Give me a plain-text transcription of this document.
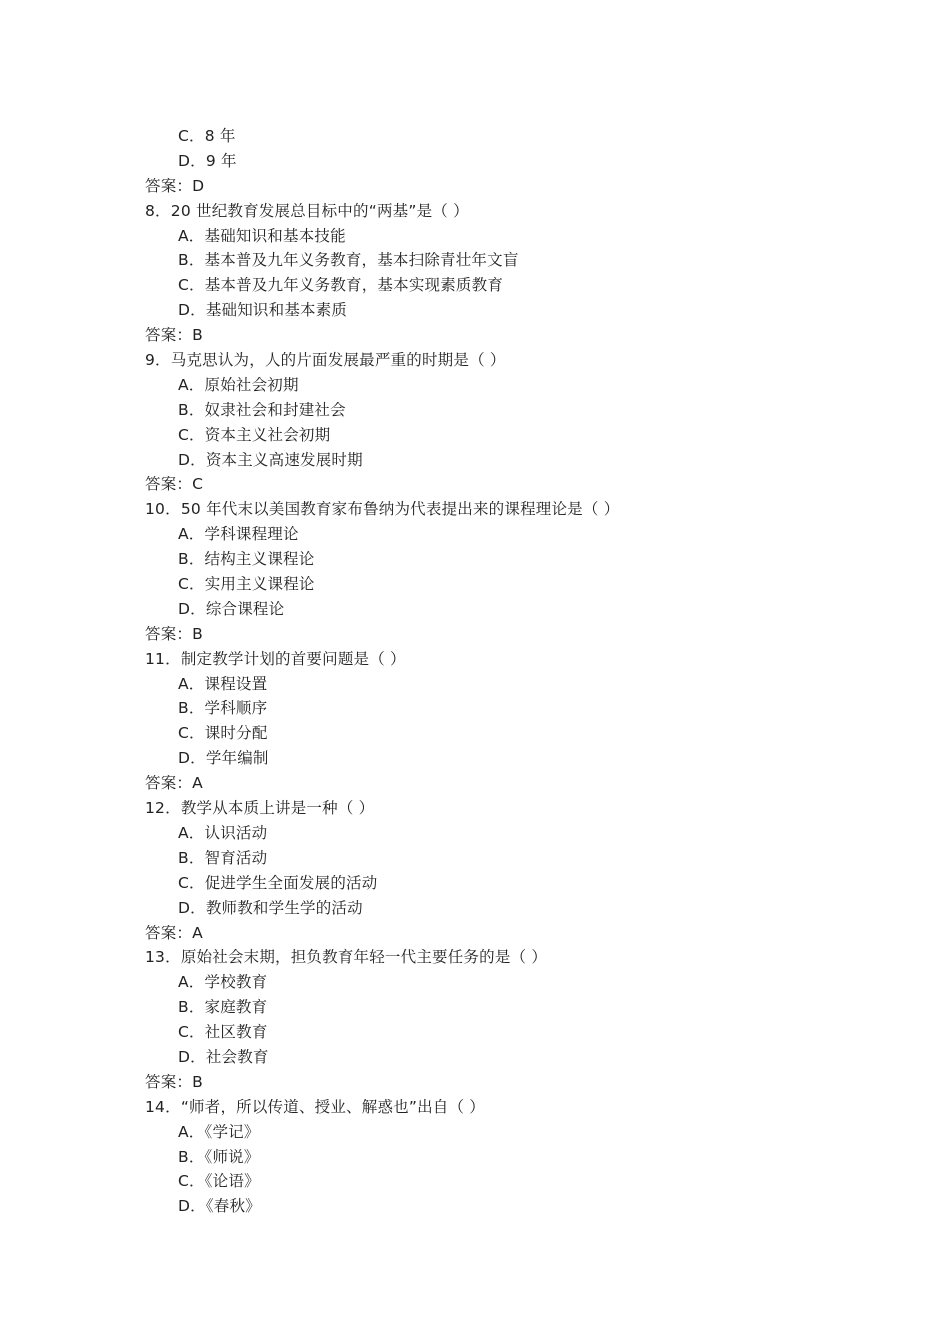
C．8 年
D．9 年
答案：D
8．20 世纪教育发展总目标中的“两基”是（ ）
A．基础知识和基本技能
B．基本普及九年义务教育，基本扫除青壮年文盲
C．基本普及九年义务教育，基本实现素质教育
D．基础知识和基本素质
答案：B
9．马克思认为，人的片面发展最严重的时期是（ ）
A．原始社会初期
B．奴隶社会和封建社会
C．资本主义社会初期
D．资本主义高速发展时期
答案：C
10．50 年代末以美国教育家布鲁纳为代表提出来的课程理论是（ ）
A．学科课程理论
B．结构主义课程论
C．实用主义课程论
D．综合课程论
答案：B
11．制定教学计划的首要问题是（ ）
A．课程设置
B．学科顺序
C．课时分配
D．学年编制
答案：A
12．教学从本质上讲是一种（ ）
A．认识活动
B．智育活动
C．促进学生全面发展的活动
D．教师教和学生学的活动
答案：A
13．原始社会末期，担负教育年轻一代主要任务的是（ ）
A．学校教育
B．家庭教育
C．社区教育
D．社会教育
答案：B
14．“师者，所以传道、授业、解惑也”出自（ ）
A．《学记》
B．《师说》
C．《论语》
D．《春秋》
